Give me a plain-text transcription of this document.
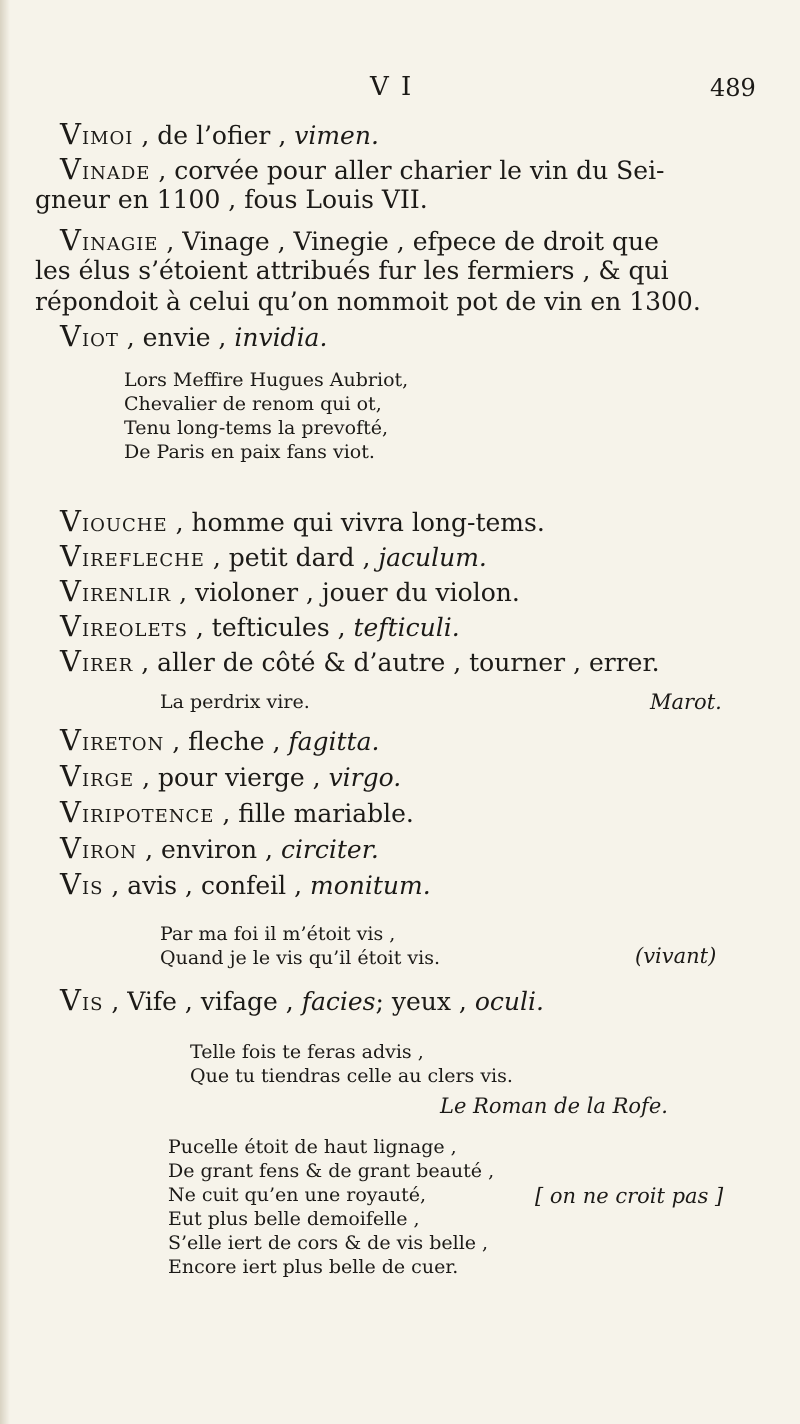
V I	489
Vimoi , de l’ofier , vimen.
Vinade , corvée pour aller charier le vin du Sei-
gneur en 1100 , fous Louis VII.
Vinagie , Vinage , Vinegie , efpece de droit que
les élus s’étoient attribués fur les fermiers , & qui
répondoit à celui qu’on nommoit pot de vin en 1300.
Viot , envie , invidia.
Lors Meffire Hugues Aubriot,
Chevalier de renom qui ot,
Tenu long-tems la prevofté,
De Paris en paix fans viot.
Viouche , homme qui vivra long-tems.
Virefleche , petit dard , jaculum.
Virenlir , violoner , jouer du violon.
Vireolets , tefticules , tefticuli.
Virer , aller de côté & d’autre , tourner , errer.
La perdrix vire.	Marot.
Vireton , fleche , fagitta.
Virge , pour vierge , virgo.
Viripotence , fille mariable.
Viron , environ , circiter.
Vis , avis , confeil , monitum.
Par ma foi il m’étoit vis ,
Quand je le vis qu’il étoit vis.	(vivant)
Vis , Vife , vifage , facies; yeux , oculi.
Telle fois te feras advis ,
Que tu tiendras celle au clers vis.
Le Roman de la Rofe.
Pucelle étoit de haut lignage ,
De grant fens & de grant beauté ,
Ne cuit qu’en une royauté,
Eut plus belle demoifelle ,
S’elle iert de cors & de vis belle ,
Encore iert plus belle de cuer.
[ on ne croit pas ]
